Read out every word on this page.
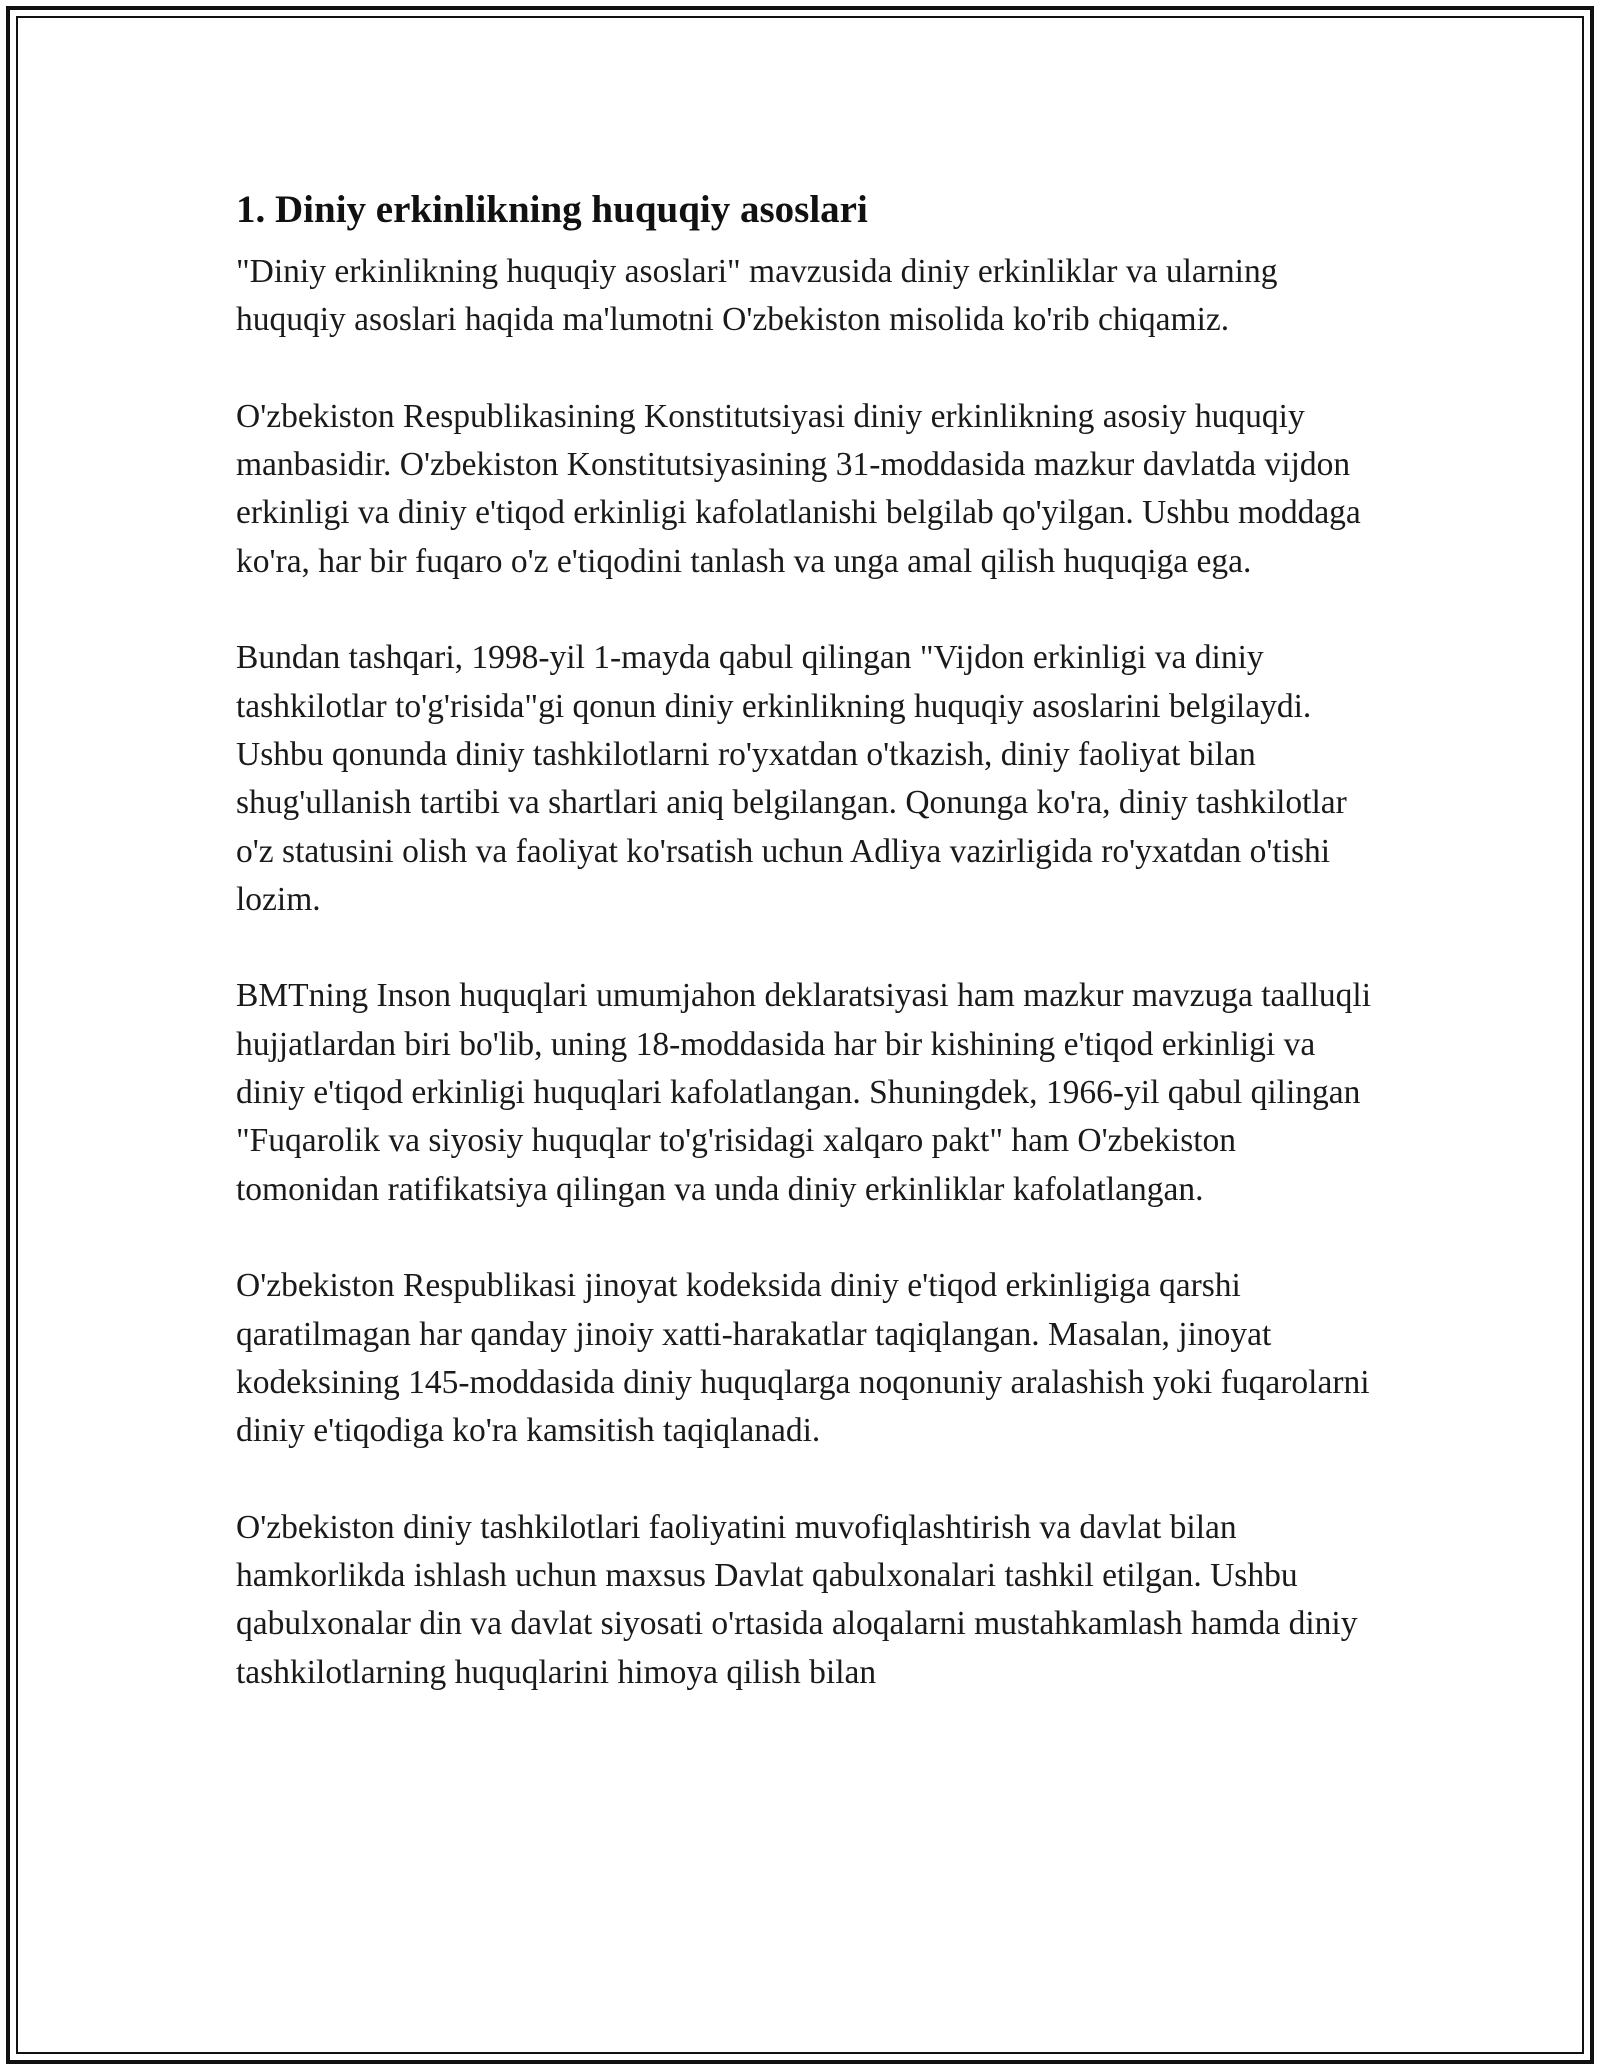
1. Diniy erkinlikning huquqiy asoslari

"Diniy erkinlikning huquqiy asoslari" mavzusida diniy erkinliklar va ularning huquqiy asoslari haqida ma'lumotni O'zbekiston misolida ko'rib chiqamiz.

O'zbekiston Respublikasining Konstitutsiyasi diniy erkinlikning asosiy huquqiy manbasidir. O'zbekiston Konstitutsiyasining 31-moddasida mazkur davlatda vijdon erkinligi va diniy e'tiqod erkinligi kafolatlanishi belgilab qo'yilgan. Ushbu moddaga ko'ra, har bir fuqaro o'z e'tiqodini tanlash va unga amal qilish huquqiga ega.

Bundan tashqari, 1998-yil 1-mayda qabul qilingan "Vijdon erkinligi va diniy tashkilotlar to'g'risida"gi qonun diniy erkinlikning huquqiy asoslarini belgilaydi. Ushbu qonunda diniy tashkilotlarni ro'yxatdan o'tkazish, diniy faoliyat bilan shug'ullanish tartibi va shartlari aniq belgilangan. Qonunga ko'ra, diniy tashkilotlar o'z statusini olish va faoliyat ko'rsatish uchun Adliya vazirligida ro'yxatdan o'tishi lozim.

BMTning Inson huquqlari umumjahon deklaratsiyasi ham mazkur mavzuga taalluqli hujjatlardan biri bo'lib, uning 18-moddasida har bir kishining e'tiqod erkinligi va diniy e'tiqod erkinligi huquqlari kafolatlangan. Shuningdek, 1966-yil qabul qilingan "Fuqarolik va siyosiy huquqlar to'g'risidagi xalqaro pakt" ham O'zbekiston tomonidan ratifikatsiya qilingan va unda diniy erkinliklar kafolatlangan.

O'zbekiston Respublikasi jinoyat kodeksida diniy e'tiqod erkinligiga qarshi qaratilmagan har qanday jinoiy xatti-harakatlar taqiqlangan. Masalan, jinoyat kodeksining 145-moddasida diniy huquqlarga noqonuniy aralashish yoki fuqarolarni diniy e'tiqodiga ko'ra kamsitish taqiqlanadi.

O'zbekiston diniy tashkilotlari faoliyatini muvofiqlashtirish va davlat bilan hamkorlikda ishlash uchun maxsus Davlat qabulxonalari tashkil etilgan. Ushbu qabulxonalar din va davlat siyosati o'rtasida aloqalarni mustahkamlash hamda diniy tashkilotlarning huquqlarini himoya qilish bilan
